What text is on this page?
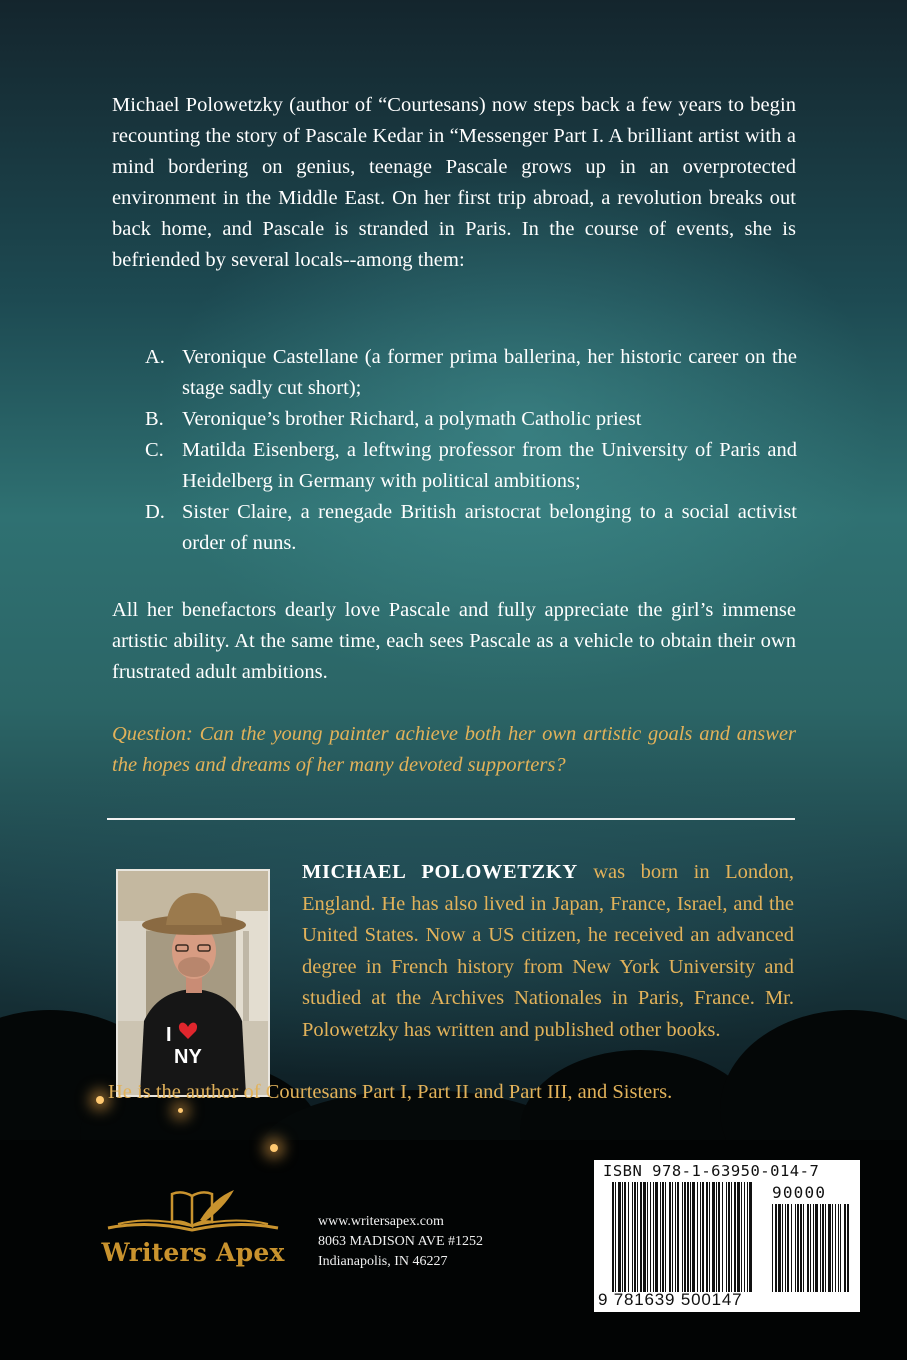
Michael Polowetzky (author of “Courtesans) now steps back a few years to begin recounting the story of Pascale Kedar in “Messenger Part I. A brilliant artist with a mind bordering on genius, teenage Pascale grows up in an overprotected environment in the Middle East. On her first trip abroad, a revolution breaks out back home, and Pascale is stranded in Paris. In the course of events, she is befriended by several locals--among them:

A. Veronique Castellane (a former prima ballerina, her historic career on the stage sadly cut short);
B. Veronique’s brother Richard, a polymath Catholic priest
C. Matilda Eisenberg, a leftwing professor from the University of Paris and Heidelberg in Germany with political ambitions;
D. Sister Claire, a renegade British aristocrat belonging to a social activist order of nuns.

All her benefactors dearly love Pascale and fully appreciate the girl’s immense artistic ability. At the same time, each sees Pascale as a vehicle to obtain their own frustrated adult ambitions.

Question: Can the young painter achieve both her own artistic goals and answer the hopes and dreams of her many devoted supporters?

I
NY

MICHAEL POLOWETZKY was born in London, England. He has also lived in Japan, France, Israel, and the United States. Now a US citizen, he received an advanced degree in French history from New York University and studied at the Archives Nationales in Paris, France. Mr. Polowetzky has written and published other books.

He is the author of Courtesans Part I, Part II and Part III, and Sisters.

Writers Apex

www.writersapex.com
8063 MADISON AVE #1252
Indianapolis, IN 46227

ISBN 978-1-63950-014-7
90000
9 781639 500147
